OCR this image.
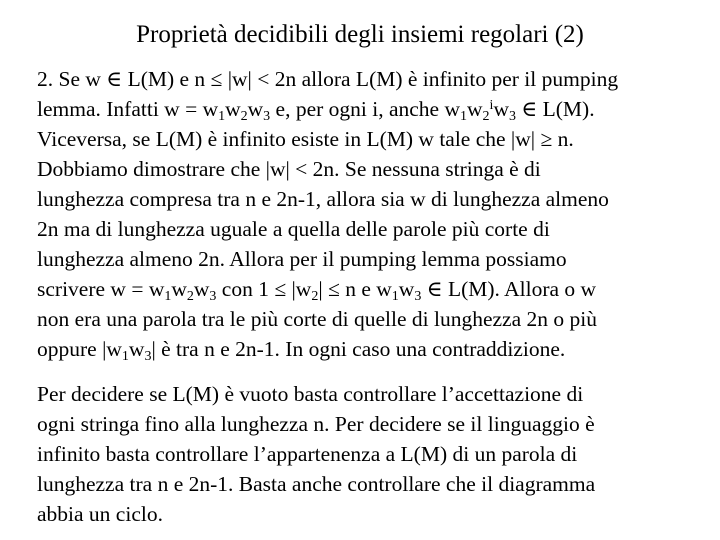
Proprietà decidibili degli insiemi regolari (2)
2. Se w ∈ L(M) e n ≤ |w| < 2n allora L(M) è infinito per il pumping
lemma. Infatti $w = w_1w_2w_3$ e, per ogni i, anche $w_1w_2^iw_3$ ∈ L(M).
Viceversa, se L(M) è infinito esiste in L(M) w tale che |w| ≥ n.
Dobbiamo dimostrare che |w| < 2n. Se nessuna stringa è di
lunghezza compresa tra n e 2n-1, allora sia w di lunghezza almeno
2n ma di lunghezza uguale a quella delle parole più corte di
lunghezza almeno 2n. Allora per il pumping lemma possiamo
scrivere $w = w_1w_2w_3$ con $1 \le |w_2| \le n$ e $w_1w_3$ ∈ L(M). Allora o w
non era una parola tra le più corte di quelle di lunghezza 2n o più
oppure $|w_1w_3|$ è tra n e 2n-1. In ogni caso una contraddizione.
Per decidere se L(M) è vuoto basta controllare l’accettazione di
ogni stringa fino alla lunghezza n. Per decidere se il linguaggio è
infinito basta controllare l’appartenenza a L(M) di un parola di
lunghezza tra n e 2n-1. Basta anche controllare che il diagramma
abbia un ciclo.
